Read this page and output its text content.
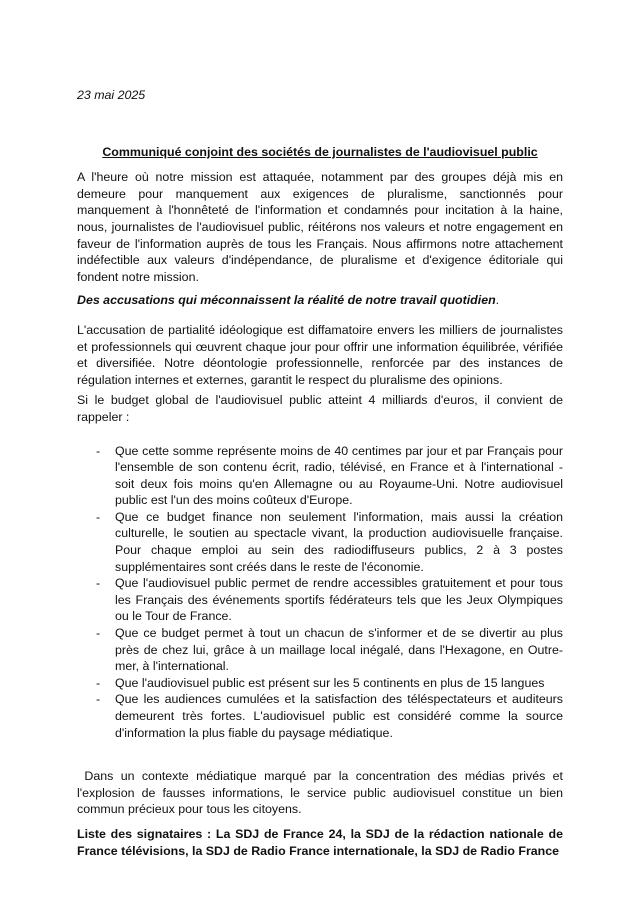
23 mai 2025

Communiqué conjoint des sociétés de journalistes de l'audiovisuel public

A l'heure où notre mission est attaquée, notamment par des groupes déjà mis en demeure pour manquement aux exigences de pluralisme, sanctionnés pour manquement à l'honnêteté de l'information et condamnés pour incitation à la haine, nous, journalistes de l'audiovisuel public, réitérons nos valeurs et notre engagement en faveur de l'information auprès de tous les Français. Nous affirmons notre attachement indéfectible aux valeurs d'indépendance, de pluralisme et d'exigence éditoriale qui fondent notre mission.

Des accusations qui méconnaissent la réalité de notre travail quotidien.

L'accusation de partialité idéologique est diffamatoire envers les milliers de journalistes et professionnels qui œuvrent chaque jour pour offrir une information équilibrée, vérifiée et diversifiée. Notre déontologie professionnelle, renforcée par des instances de régulation internes et externes, garantit le respect du pluralisme des opinions.

Si le budget global de l'audiovisuel public atteint 4 milliards d'euros, il convient de rappeler :

- Que cette somme représente moins de 40 centimes par jour et par Français pour l'ensemble de son contenu écrit, radio, télévisé, en France et à l'international - soit deux fois moins qu'en Allemagne ou au Royaume-Uni. Notre audiovisuel public est l'un des moins coûteux d'Europe.
- Que ce budget finance non seulement l'information, mais aussi la création culturelle, le soutien au spectacle vivant, la production audiovisuelle française. Pour chaque emploi au sein des radiodiffuseurs publics, 2 à 3 postes supplémentaires sont créés dans le reste de l'économie.
- Que l'audiovisuel public permet de rendre accessibles gratuitement et pour tous les Français des événements sportifs fédérateurs tels que les Jeux Olympiques ou le Tour de France.
- Que ce budget permet à tout un chacun de s'informer et de se divertir au plus près de chez lui, grâce à un maillage local inégalé, dans l'Hexagone, en Outre-mer, à l'international.
- Que l'audiovisuel public est présent sur les 5 continents en plus de 15 langues
- Que les audiences cumulées et la satisfaction des téléspectateurs et auditeurs demeurent très fortes. L'audiovisuel public est considéré comme la source d'information la plus fiable du paysage médiatique.

Dans un contexte médiatique marqué par la concentration des médias privés et l'explosion de fausses informations, le service public audiovisuel constitue un bien commun précieux pour tous les citoyens.

Liste des signataires : La SDJ de France 24, la SDJ de la rédaction nationale de France télévisions, la SDJ de Radio France internationale, la SDJ de Radio France
